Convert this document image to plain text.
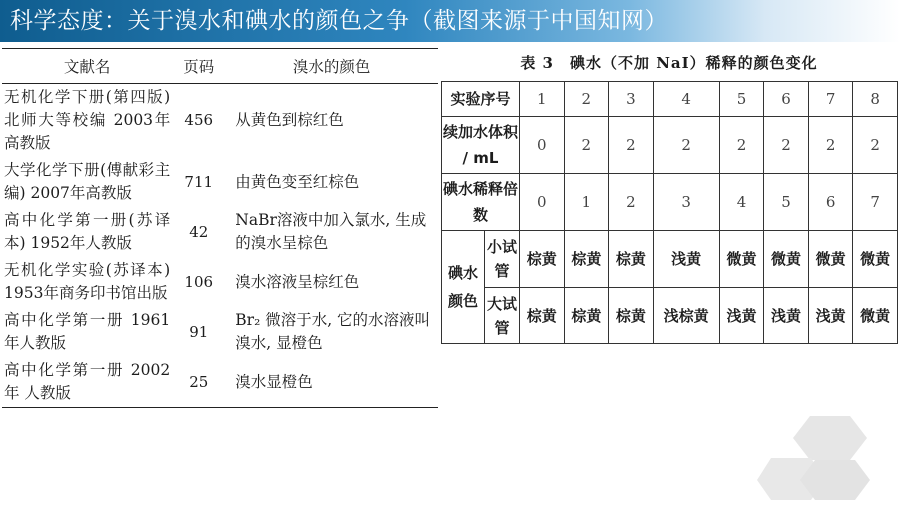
科学态度：关于溴水和碘水的颜色之争（截图来源于中国知网）
文献名	页码	溴水的颜色
无机化学下册(第四版) 北师大等校编 2003年高教版	456	从黄色到棕红色
大学化学下册(傅献彩主编) 2007年高教版	711	由黄色变至红棕色
高中化学第一册(苏译本) 1952年人教版	42	NaBr溶液中加入氯水, 生成的溴水呈棕色
无机化学实验(苏译本) 1953年商务印书馆出版	106	溴水溶液呈棕红色
高中化学第一册 1961年人教版	91	Br₂ 微溶于水, 它的水溶液叫溴水, 显橙色
高中化学第一册 2002年 人教版	25	溴水显橙色
表 3　碘水（不加 NaI）稀释的颜色变化
实验序号		1	2	3	4	5	6	7	8
续加水体积 / mL		0	2	2	2	2	2	2	2
碘水稀释倍数		0	1	2	3	4	5	6	7
碘水颜色	小试管	棕黄	棕黄	棕黄	浅黄	微黄	微黄	微黄	微黄
	大试管	棕黄	棕黄	棕黄	浅棕黄	浅黄	浅黄	浅黄	微黄
